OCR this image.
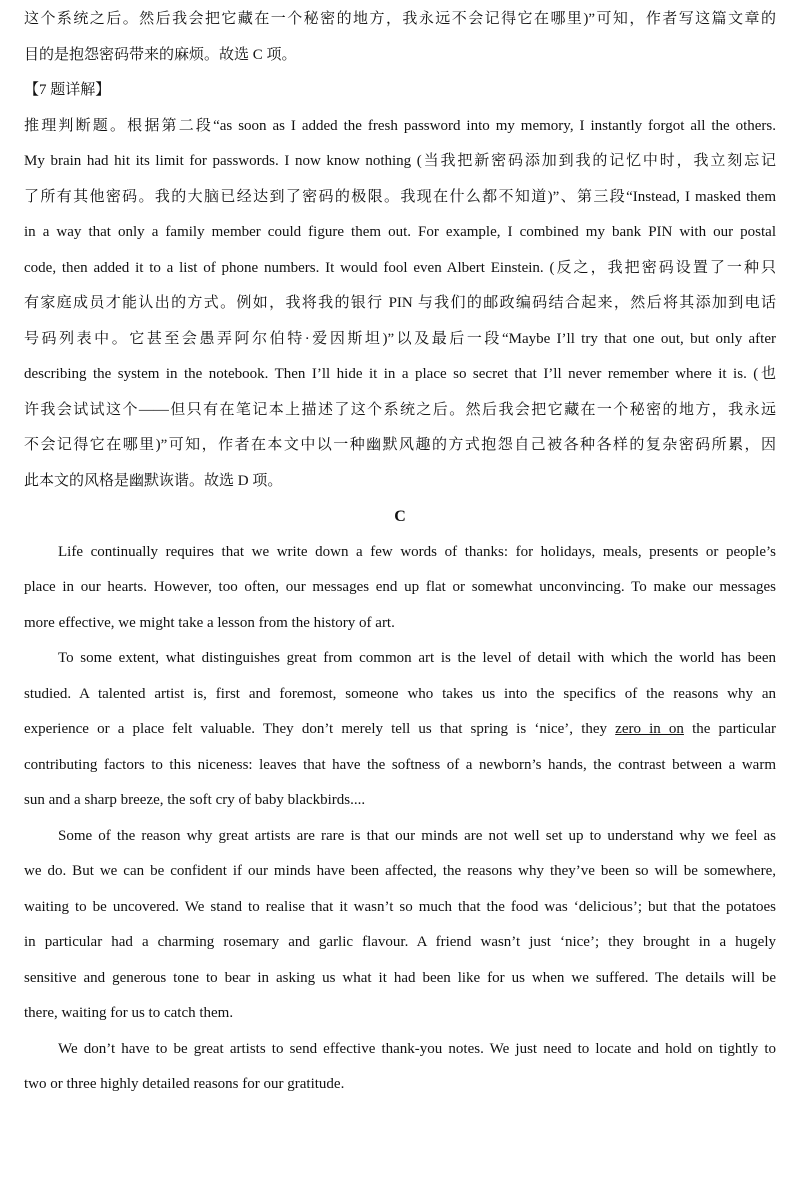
这个系统之后。然后我会把它藏在一个秘密的地方，我永远不会记得它在哪里)”可知，作者写这篇文章的
目的是抱怨密码带来的麻烦。故选 C 项。
【7 题详解】
推理判断题。根据第二段“as soon as I added the fresh password into my memory, I instantly forgot all the others.
My brain had hit its limit for passwords. I now know nothing (当我把新密码添加到我的记忆中时，我立刻忘记
了所有其他密码。我的大脑已经达到了密码的极限。我现在什么都不知道)”、第三段“Instead, I masked them
in a way that only a family member could figure them out. For example, I combined my bank PIN with our postal
code, then added it to a list of phone numbers. It would fool even Albert Einstein. (反之，我把密码设置了一种只
有家庭成员才能认出的方式。例如，我将我的银行 PIN 与我们的邮政编码结合起来，然后将其添加到电话
号码列表中。它甚至会愚弄阿尔伯特·爱因斯坦)”以及最后一段“Maybe I’ll try that one out, but only after
describing the system in the notebook. Then I’ll hide it in a place so secret that I’ll never remember where it is. (也
许我会试试这个——但只有在笔记本上描述了这个系统之后。然后我会把它藏在一个秘密的地方，我永远
不会记得它在哪里)”可知，作者在本文中以一种幽默风趣的方式抱怨自己被各种各样的复杂密码所累，因
此本文的风格是幽默诙谐。故选 D 项。
C
Life continually requires that we write down a few words of thanks: for holidays, meals, presents or people’s
place in our hearts. However, too often, our messages end up flat or somewhat unconvincing. To make our messages
more effective, we might take a lesson from the history of art.
To some extent, what distinguishes great from common art is the level of detail with which the world has been
studied. A talented artist is, first and foremost, someone who takes us into the specifics of the reasons why an
experience or a place felt valuable. They don’t merely tell us that spring is ‘nice’, they zero in on the particular
contributing factors to this niceness: leaves that have the softness of a newborn’s hands, the contrast between a warm
sun and a sharp breeze, the soft cry of baby blackbirds....
Some of the reason why great artists are rare is that our minds are not well set up to understand why we feel as
we do. But we can be confident if our minds have been affected, the reasons why they’ve been so will be somewhere,
waiting to be uncovered. We stand to realise that it wasn’t so much that the food was ‘delicious’; but that the potatoes
in particular had a charming rosemary and garlic flavour. A friend wasn’t just ‘nice’; they brought in a hugely
sensitive and generous tone to bear in asking us what it had been like for us when we suffered. The details will be
there, waiting for us to catch them.
We don’t have to be great artists to send effective thank-you notes. We just need to locate and hold on tightly to
two or three highly detailed reasons for our gratitude.
